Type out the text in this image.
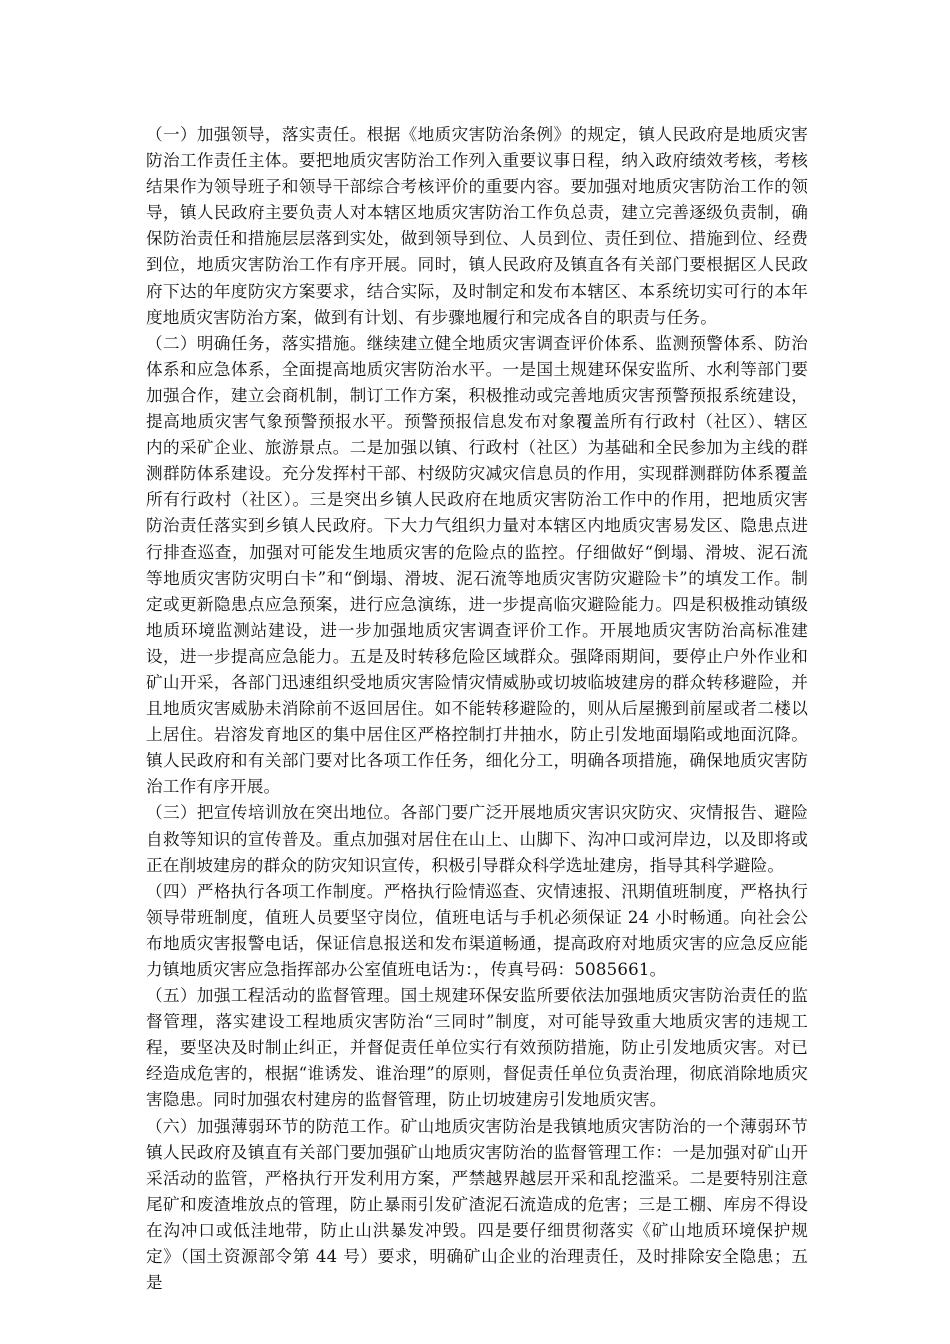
（一）加强领导，落实责任。根据《地质灾害防治条例》的规定，镇人民政府是地质灾害防治工作责任主体。要把地质灾害防治工作列入重要议事日程，纳入政府绩效考核，考核结果作为领导班子和领导干部综合考核评价的重要内容。要加强对地质灾害防治工作的领导，镇人民政府主要负责人对本辖区地质灾害防治工作负总责，建立完善逐级负责制，确保防治责任和措施层层落到实处，做到领导到位、人员到位、责任到位、措施到位、经费到位，地质灾害防治工作有序开展。同时，镇人民政府及镇直各有关部门要根据区人民政府下达的年度防灾方案要求，结合实际，及时制定和发布本辖区、本系统切实可行的本年度地质灾害防治方案，做到有计划、有步骤地履行和完成各自的职责与任务。

（二）明确任务，落实措施。继续建立健全地质灾害调查评价体系、监测预警体系、防治体系和应急体系，全面提高地质灾害防治水平。一是国土规建环保安监所、水利等部门要加强合作，建立会商机制，制订工作方案，积极推动或完善地质灾害预警预报系统建设，提高地质灾害气象预警预报水平。预警预报信息发布对象覆盖所有行政村（社区）、辖区内的采矿企业、旅游景点。二是加强以镇、行政村（社区）为基础和全民参加为主线的群测群防体系建设。充分发挥村干部、村级防灾减灾信息员的作用，实现群测群防体系覆盖所有行政村（社区）。三是突出乡镇人民政府在地质灾害防治工作中的作用，把地质灾害防治责任落实到乡镇人民政府。下大力气组织力量对本辖区内地质灾害易发区、隐患点进行排查巡查，加强对可能发生地质灾害的危险点的监控。仔细做好“倒塌、滑坡、泥石流等地质灾害防灾明白卡”和“倒塌、滑坡、泥石流等地质灾害防灾避险卡”的填发工作。制定或更新隐患点应急预案，进行应急演练，进一步提高临灾避险能力。四是积极推动镇级地质环境监测站建设，进一步加强地质灾害调查评价工作。开展地质灾害防治高标准建设，进一步提高应急能力。五是及时转移危险区域群众。强降雨期间，要停止户外作业和矿山开采，各部门迅速组织受地质灾害险情灾情威胁或切坡临坡建房的群众转移避险，并且地质灾害威胁未消除前不返回居住。如不能转移避险的，则从后屋搬到前屋或者二楼以上居住。岩溶发育地区的集中居住区严格控制打井抽水，防止引发地面塌陷或地面沉降。镇人民政府和有关部门要对比各项工作任务，细化分工，明确各项措施，确保地质灾害防治工作有序开展。

（三）把宣传培训放在突出地位。各部门要广泛开展地质灾害识灾防灾、灾情报告、避险自救等知识的宣传普及。重点加强对居住在山上、山脚下、沟冲口或河岸边，以及即将或正在削坡建房的群众的防灾知识宣传，积极引导群众科学选址建房，指导其科学避险。

（四）严格执行各项工作制度。严格执行险情巡查、灾情速报、汛期值班制度，严格执行领导带班制度，值班人员要坚守岗位，值班电话与手机必须保证 24 小时畅通。向社会公布地质灾害报警电话，保证信息报送和发布渠道畅通，提高政府对地质灾害的应急反应能力镇地质灾害应急指挥部办公室值班电话为：，传真号码：5085661。

（五）加强工程活动的监督管理。国土规建环保安监所要依法加强地质灾害防治责任的监督管理，落实建设工程地质灾害防治“三同时”制度，对可能导致重大地质灾害的违规工程，要坚决及时制止纠正，并督促责任单位实行有效预防措施，防止引发地质灾害。对已经造成危害的，根据“谁诱发、谁治理”的原则，督促责任单位负责治理，彻底消除地质灾害隐患。同时加强农村建房的监督管理，防止切坡建房引发地质灾害。

（六）加强薄弱环节的防范工作。矿山地质灾害防治是我镇地质灾害防治的一个薄弱环节镇人民政府及镇直有关部门要加强矿山地质灾害防治的监督管理工作：一是加强对矿山开采活动的监管，严格执行开发利用方案，严禁越界越层开采和乱挖滥采。二是要特别注意尾矿和废渣堆放点的管理，防止暴雨引发矿渣泥石流造成的危害；三是工棚、库房不得设在沟冲口或低洼地带，防止山洪暴发冲毁。四是要仔细贯彻落实《矿山地质环境保护规定》（国土资源部令第 44 号）要求，明确矿山企业的治理责任，及时排除安全隐患；五是
